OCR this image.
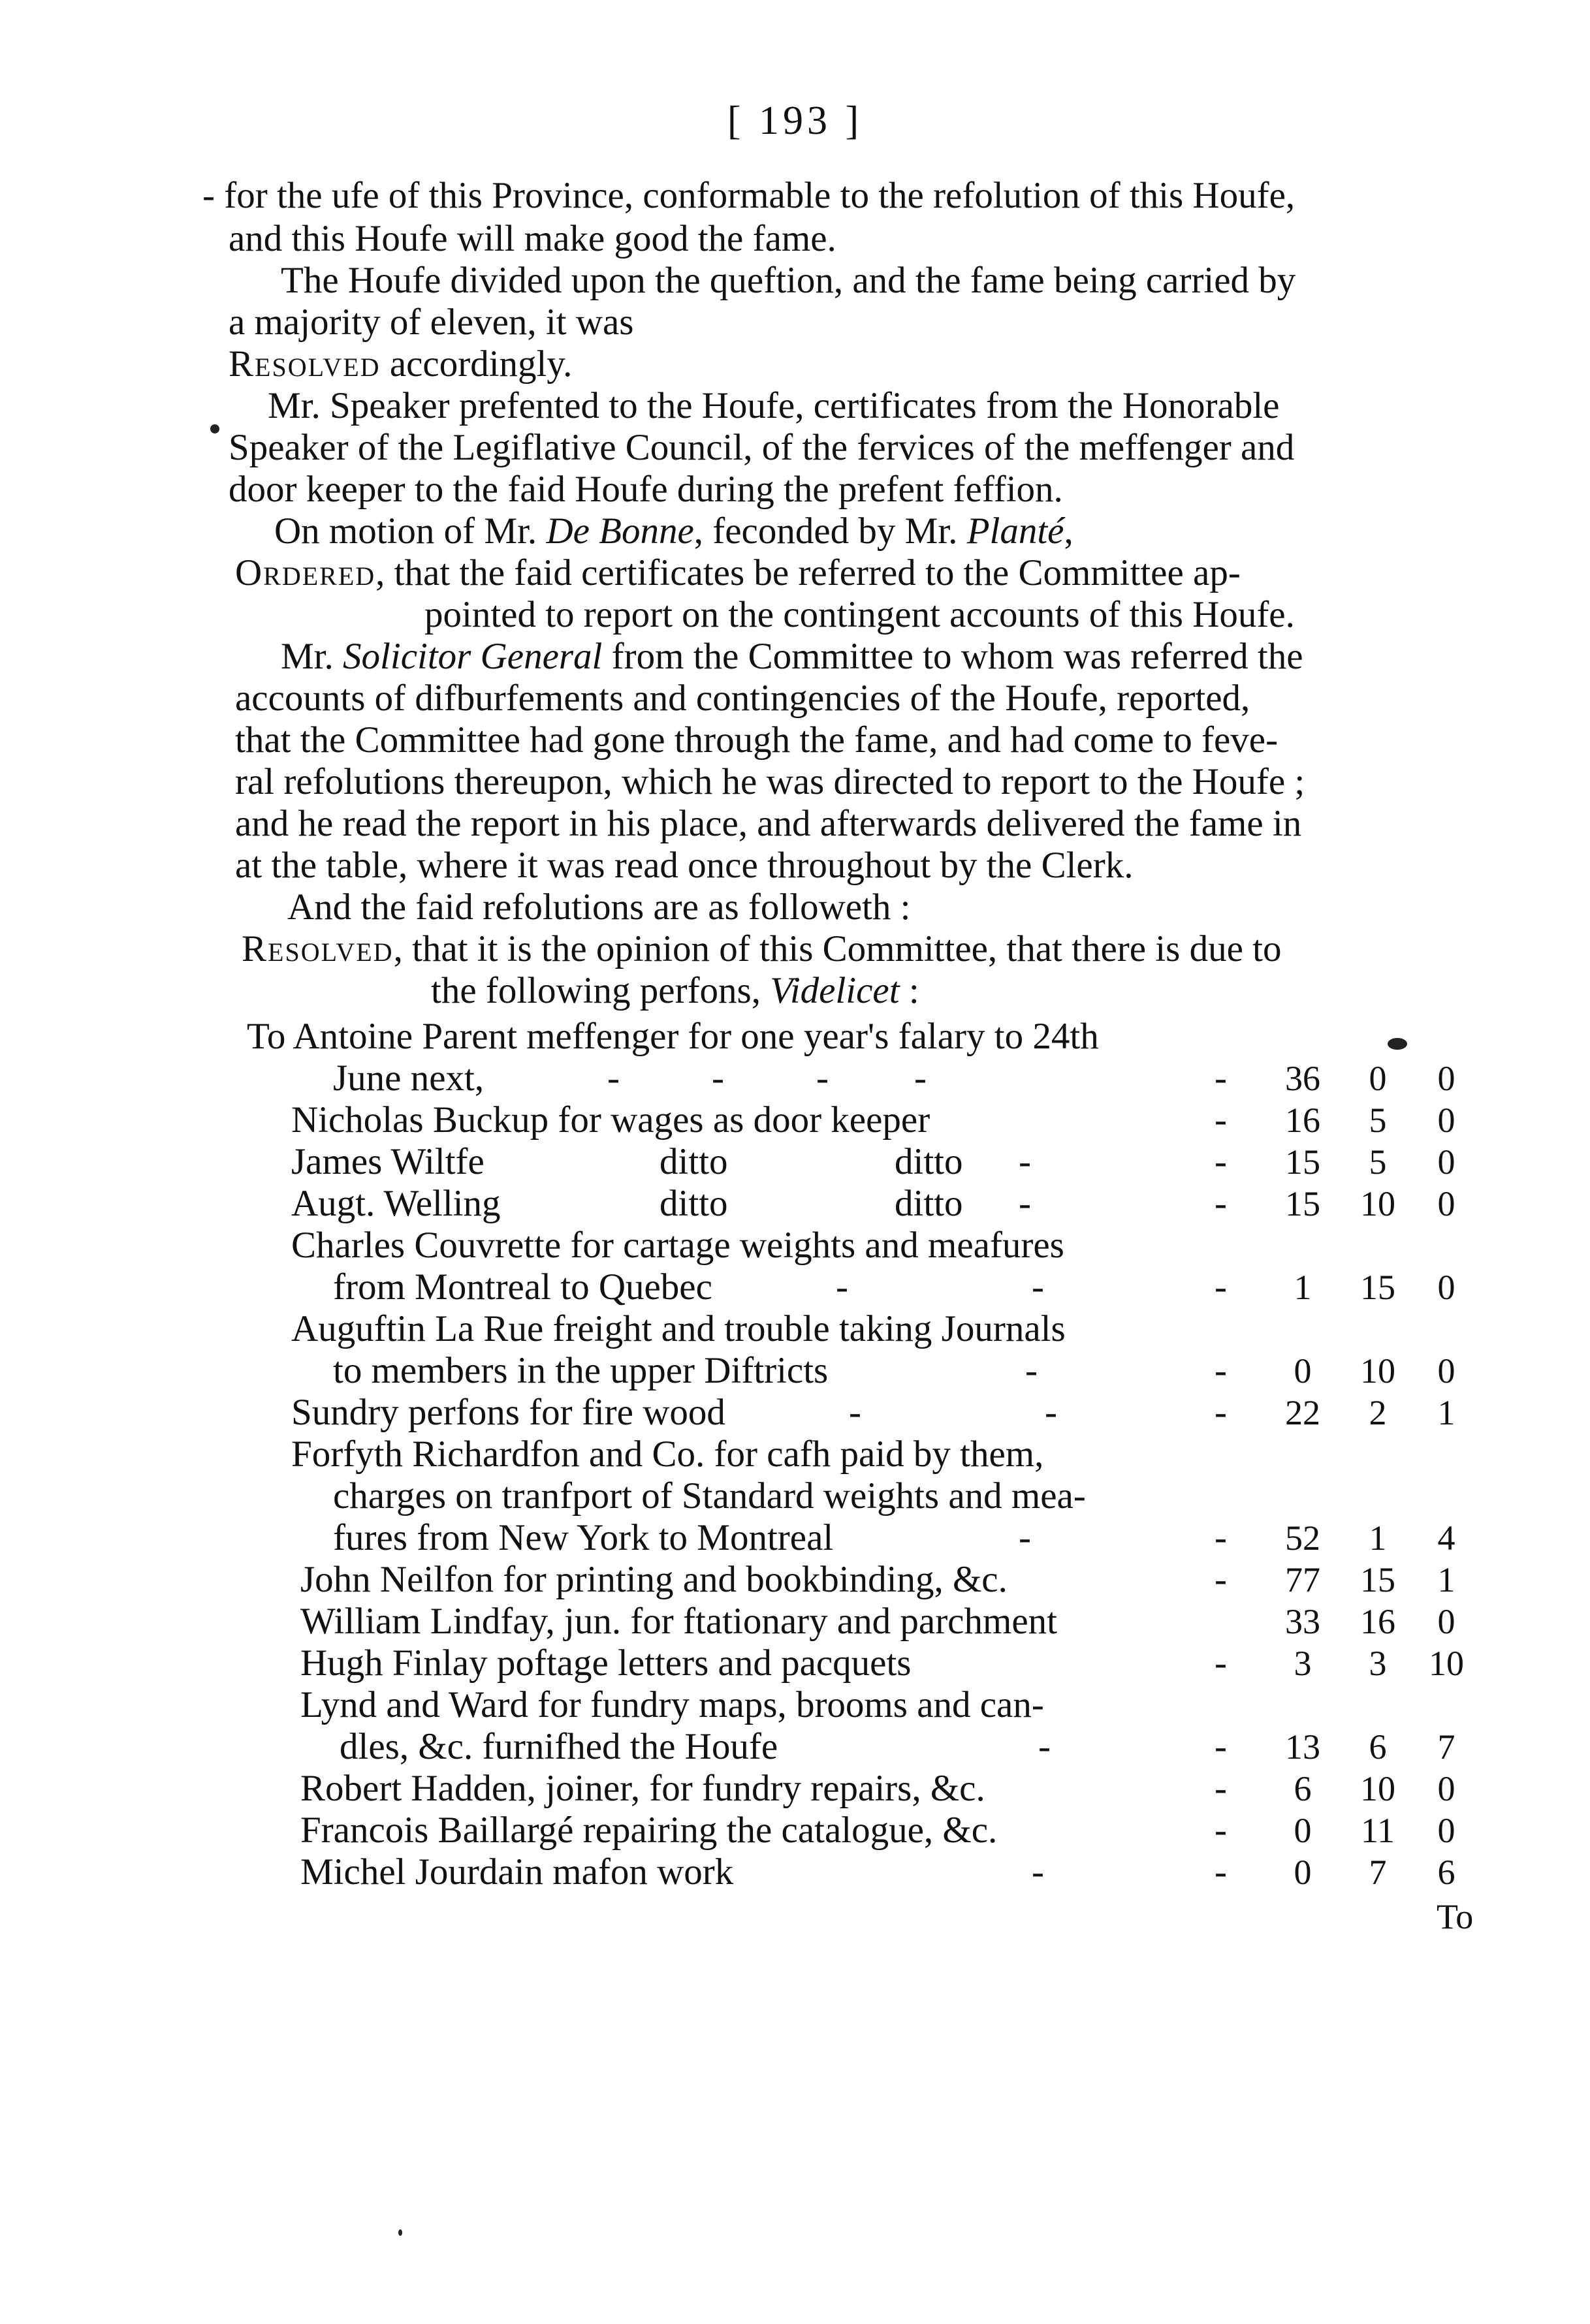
[ 193 ]
- for the ufe of this Province, conformable to the refolution of this Houfe,
and this Houfe will make good the fame.
The Houfe divided upon the queftion, and the fame being carried by
a majority of eleven, it was
Resolved accordingly.
Mr. Speaker prefented to the Houfe, certificates from the Honorable
Speaker of the Legiflative Council, of the fervices of the meffenger and
door keeper to the faid Houfe during the prefent feffion.
On motion of Mr. De Bonne, feconded by Mr. Planté,
Ordered, that the faid certificates be referred to the Committee ap-
pointed to report on the contingent accounts of this Houfe.
Mr. Solicitor General from the Committee to whom was referred the
accounts of difburfements and contingencies of the Houfe, reported,
that the Committee had gone through the fame, and had come to feve-
ral refolutions thereupon, which he was directed to report to the Houfe ;
and he read the report in his place, and afterwards delivered the fame in
at the table, where it was read once throughout by the Clerk.
And the faid refolutions are as followeth :
Resolved, that it is the opinion of this Committee, that there is due to
the following perfons, Videlicet :
To Antoine Parent meffenger for one year's falary to 24th
June next,	- - - -	-	36	0	0
Nicholas Buckup for wages as door keeper	-	16	5	0
James Wiltfe	ditto	ditto -	-	15	5	0
Augt. Welling	ditto	ditto -	-	15	10	0
Charles Couvrette for cartage weights and meafures
from Montreal to Quebec	-	-	-	1	15	0
Auguftin La Rue freight and trouble taking Journals
to members in the upper Diftricts	-	-	0	10	0
Sundry perfons for fire wood	-	-	-	22	2	1
Forfyth Richardfon and Co. for cafh paid by them,
charges on tranfport of Standard weights and mea-
fures from New York to Montreal	-	-	52	1	4
John Neilfon for printing and bookbinding, &c.	-	77	15	1
William Lindfay, jun. for ftationary and parchment	33	16	0
Hugh Finlay poftage letters and pacquets	-	3	3	10
Lynd and Ward for fundry maps, brooms and can-
dles, &c. furnifhed the Houfe	-	-	13	6	7
Robert Hadden, joiner, for fundry repairs, &c.	-	6	10	0
Francois Baillargé repairing the catalogue, &c.	-	0	11	0
Michel Jourdain mafon work	-	-	0	7	6
To
